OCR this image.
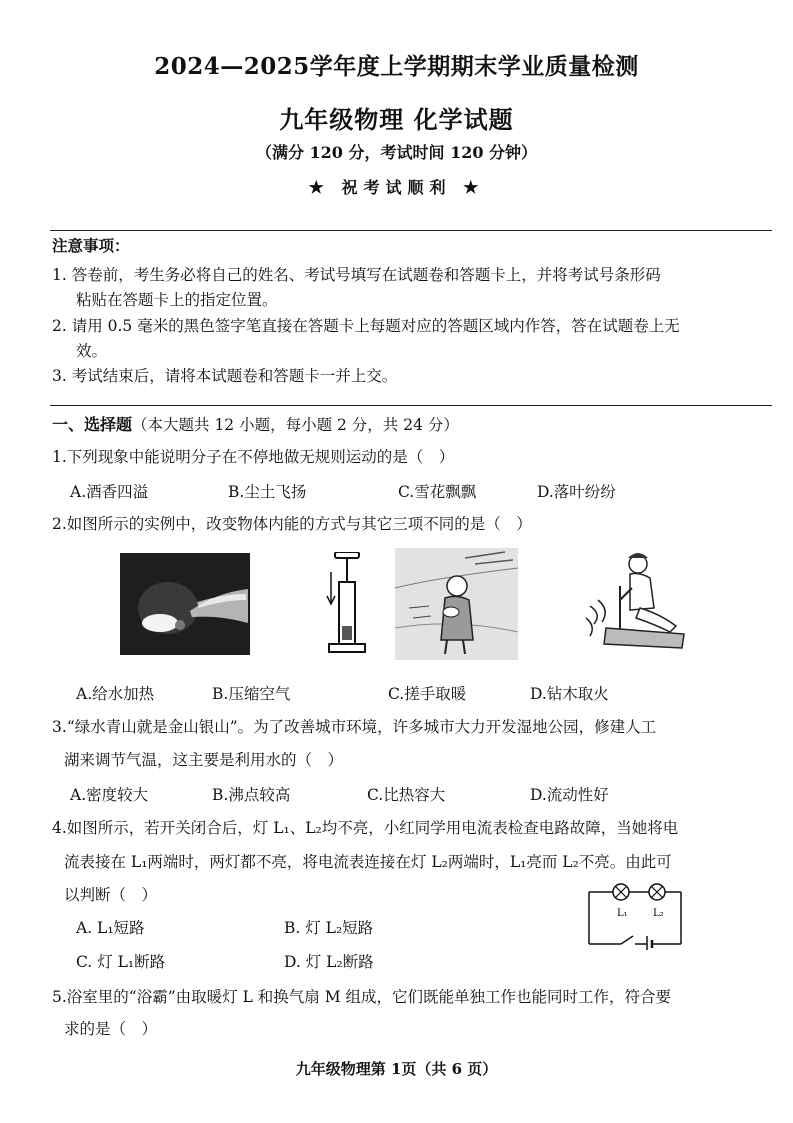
2024—2025学年度上学期期末学业质量检测
九年级物理 化学试题
（满分 120 分，考试时间 120 分钟）
★ 祝考试顺利 ★
注意事项：
1. 答卷前，考生务必将自己的姓名、考试号填写在试题卷和答题卡上，并将考试号条形码
粘贴在答题卡上的指定位置。
2. 请用 0.5 毫米的黑色签字笔直接在答题卡上每题对应的答题区域内作答，答在试题卷上无
效。
3. 考试结束后，请将本试题卷和答题卡一并上交。
一、选择题（本大题共 12 小题，每小题 2 分，共 24 分）
1.下列现象中能说明分子在不停地做无规则运动的是（　）
A.酒香四溢	B.尘土飞扬	C.雪花飘飘	D.落叶纷纷
2.如图所示的实例中，改变物体内能的方式与其它三项不同的是（　）
A.给水加热	B.压缩空气	C.搓手取暖	D.钻木取火
3.“绿水青山就是金山银山”。为了改善城市环境，许多城市大力开发湿地公园，修建人工
湖来调节气温，这主要是利用水的（　）
A.密度较大	B.沸点较高	C.比热容大	D.流动性好
4.如图所示，若开关闭合后，灯 L₁、L₂均不亮，小红同学用电流表检查电路故障，当她将电
流表接在 L₁两端时，两灯都不亮，将电流表连接在灯 L₂两端时，L₁亮而 L₂不亮。由此可
以判断（　）
A. L₁短路	B. 灯 L₂短路
C. 灯 L₁断路	D. 灯 L₂断路
L₁	L₂
5.浴室里的“浴霸”由取暖灯 L 和换气扇 M 组成，它们既能单独工作也能同时工作，符合要
求的是（　）
九年级物理第 1页（共 6 页）
